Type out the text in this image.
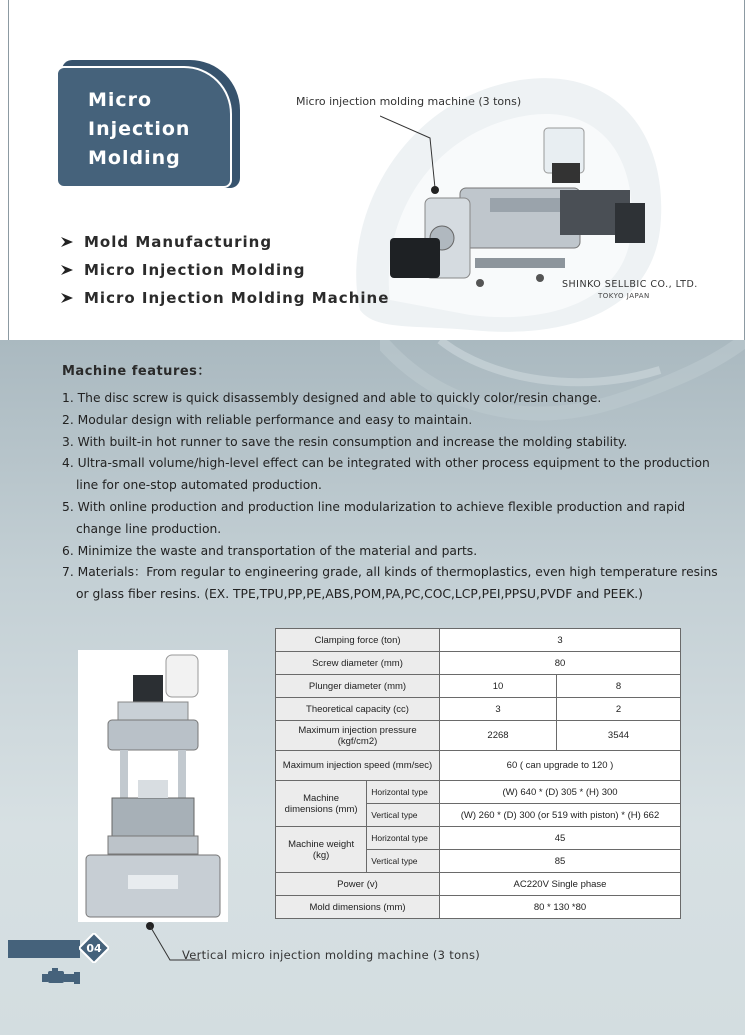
Micro
Injection
Molding
Mold Manufacturing
Micro Injection Molding
Micro Injection Molding Machine
Micro injection molding machine (3 tons)
SHINKO SELLBIC CO., LTD.
TOKYO JAPAN
Machine features：

1. The disc screw is quick disassembly designed and able to quickly color/resin change.

2. Modular design with reliable performance and easy to maintain.

3. With built-in hot runner to save the resin consumption and increase the molding stability.

4. Ultra-small volume/high-level effect can be integrated with other process equipment to the production
line for one-stop automated production.

5. With online production and production line modularization to achieve flexible production and rapid
change line production.

6. Minimize the waste and transportation of the material and parts.

7. Materials：From regular to engineering grade, all kinds of thermoplastics, even high temperature resins
or glass fiber resins. (EX. TPE,TPU,PP,PE,ABS,POM,PA,PC,COC,LCP,PEI,PPSU,PVDF and PEEK.)

Clamping force (ton)		3	
Screw diameter (mm)		80	
Plunger diameter (mm)		10	8
Theoretical capacity (cc)		3	2
Maximum injection pressure (kgf/cm2)		2268	3544
Maximum injection speed (mm/sec)		60 ( can upgrade to 120 )	
Machine dimensions (mm)	Horizontal type	(W) 640 * (D) 305 * (H) 300	
	Vertical type	(W) 260 * (D) 300 (or 519 with piston) * (H) 662	
Machine weight (kg)	Horizontal type	45	
	Vertical type	85	
Power (v)		AC220V Single phase	
Mold dimensions (mm)		80 * 130 *80	
04	Vertical micro injection molding machine (3 tons)
